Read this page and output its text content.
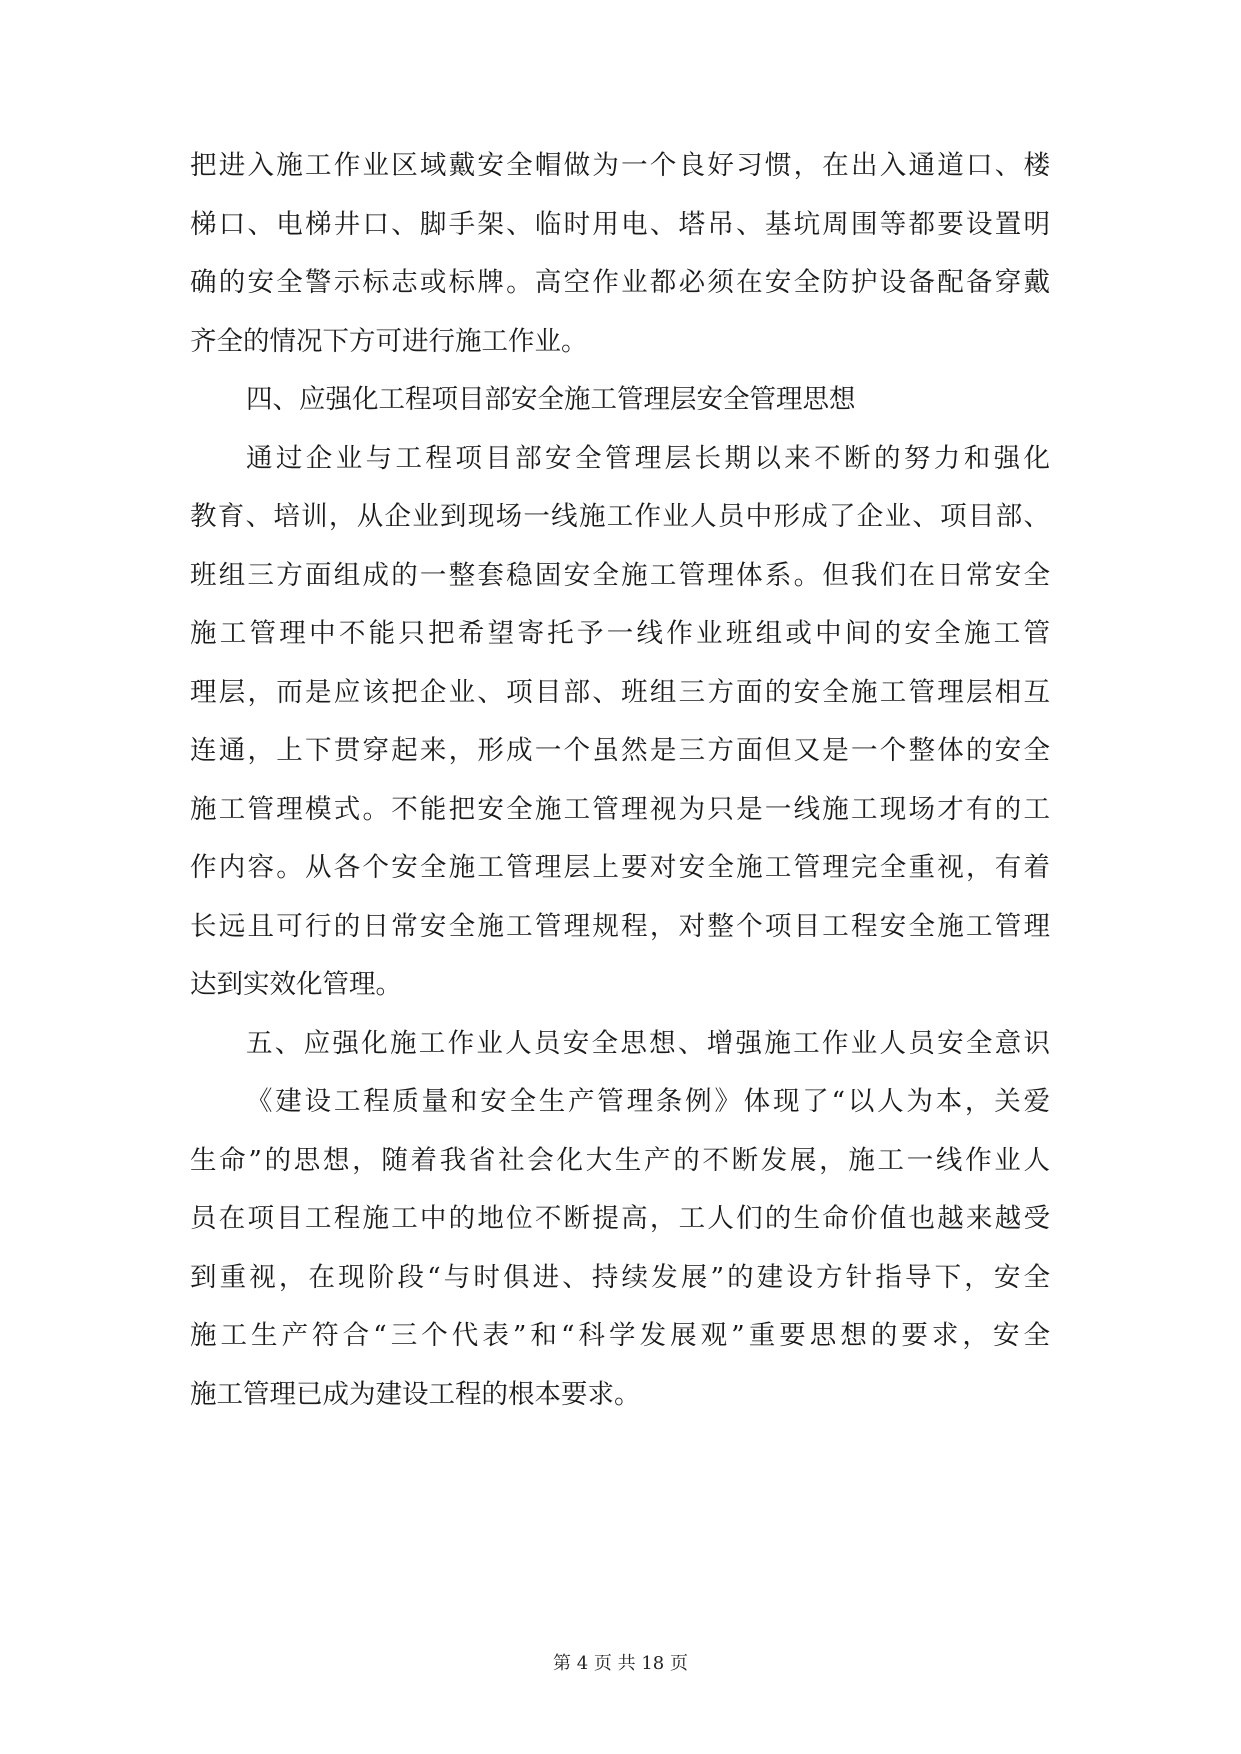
把进入施工作业区域戴安全帽做为一个良好习惯，在出入通道口、楼
梯口、电梯井口、脚手架、临时用电、塔吊、基坑周围等都要设置明
确的安全警示标志或标牌。高空作业都必须在安全防护设备配备穿戴
齐全的情况下方可进行施工作业。
四、应强化工程项目部安全施工管理层安全管理思想
通过企业与工程项目部安全管理层长期以来不断的努力和强化
教育、培训，从企业到现场一线施工作业人员中形成了企业、项目部、
班组三方面组成的一整套稳固安全施工管理体系。但我们在日常安全
施工管理中不能只把希望寄托予一线作业班组或中间的安全施工管
理层，而是应该把企业、项目部、班组三方面的安全施工管理层相互
连通，上下贯穿起来，形成一个虽然是三方面但又是一个整体的安全
施工管理模式。不能把安全施工管理视为只是一线施工现场才有的工
作内容。从各个安全施工管理层上要对安全施工管理完全重视，有着
长远且可行的日常安全施工管理规程，对整个项目工程安全施工管理
达到实效化管理。
五、应强化施工作业人员安全思想、增强施工作业人员安全意识
《建设工程质量和安全生产管理条例》体现了“以人为本，关爱
生命”的思想，随着我省社会化大生产的不断发展，施工一线作业人
员在项目工程施工中的地位不断提高，工人们的生命价值也越来越受
到重视，在现阶段“与时俱进、持续发展”的建设方针指导下，安全
施工生产符合“三个代表”和“科学发展观”重要思想的要求，安全
施工管理已成为建设工程的根本要求。
第 4 页 共 18 页
